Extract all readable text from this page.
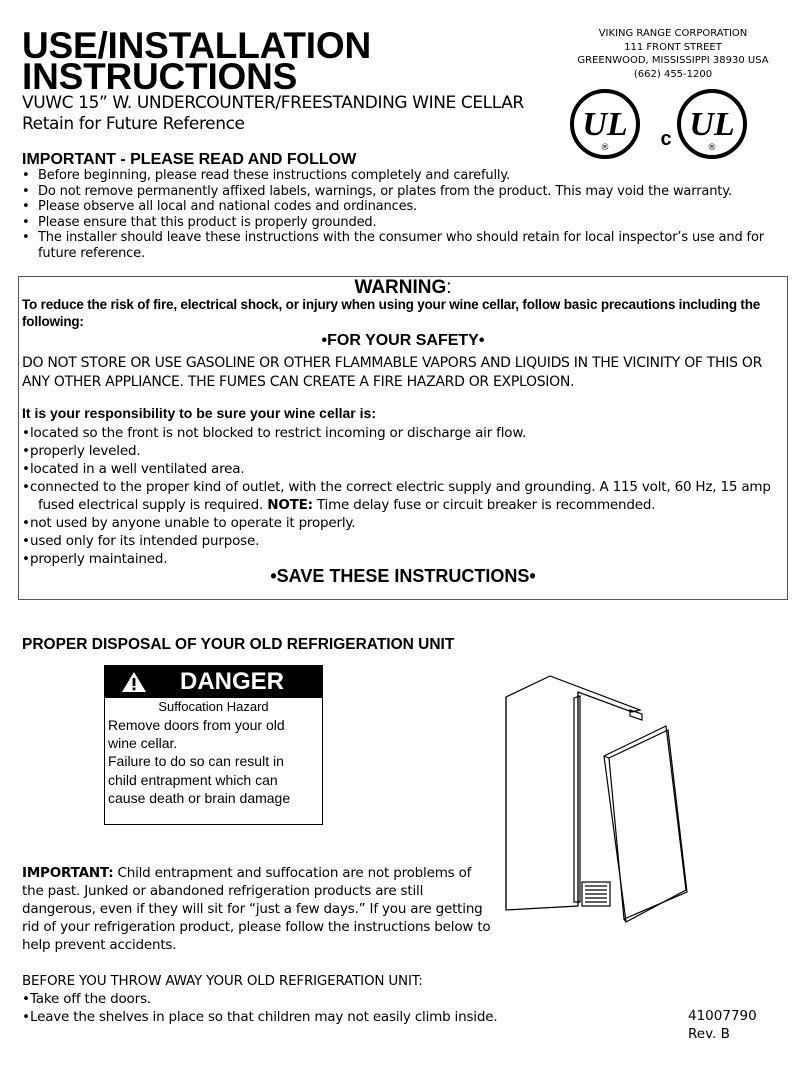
USE/INSTALLATION
INSTRUCTIONS
VUWC 15” W. UNDERCOUNTER/FREESTANDING WINE CELLAR
Retain for Future Reference
VIKING RANGE CORPORATION
111 FRONT STREET
GREENWOOD, MISSISSIPPI 38930 USA
(662) 455-1200
UL
®	c UL
®
IMPORTANT - PLEASE READ AND FOLLOW
• Before beginning, please read these instructions completely and carefully.
• Do not remove permanently affixed labels, warnings, or plates from the product. This may void the warranty.
• Please observe all local and national codes and ordinances.
• Please ensure that this product is properly grounded.
• The installer should leave these instructions with the consumer who should retain for local inspector’s use and for future reference.
WARNING:
To reduce the risk of fire, electrical shock, or injury when using your wine cellar, follow basic precautions including the following:
•FOR YOUR SAFETY•
DO NOT STORE OR USE GASOLINE OR OTHER FLAMMABLE VAPORS AND LIQUIDS IN THE VICINITY OF THIS OR ANY OTHER APPLIANCE. THE FUMES CAN CREATE A FIRE HAZARD OR EXPLOSION.
It is your responsibility to be sure your wine cellar is:
• located so the front is not blocked to restrict incoming or discharge air flow.
• properly leveled.
• located in a well ventilated area.
• connected to the proper kind of outlet, with the correct electric supply and grounding. A 115 volt, 60 Hz, 15 amp
fused electrical supply is required. NOTE: Time delay fuse or circuit breaker is recommended.
• not used by anyone unable to operate it properly.
• used only for its intended purpose.
• properly maintained.
•SAVE THESE INSTRUCTIONS•
PROPER DISPOSAL OF YOUR OLD REFRIGERATION UNIT
DANGER
Suffocation Hazard
Remove doors from your old
wine cellar.
Failure to do so can result in
child entrapment which can
cause death or brain damage
IMPORTANT: Child entrapment and suffocation are not problems of the past. Junked or abandoned refrigeration products are still dangerous, even if they will sit for “just a few days.” If you are getting rid of your refrigeration product, please follow the instructions below to help prevent accidents.
BEFORE YOU THROW AWAY YOUR OLD REFRIGERATION UNIT:
• Take off the doors.
• Leave the shelves in place so that children may not easily climb inside.	41007790
Rev. B
